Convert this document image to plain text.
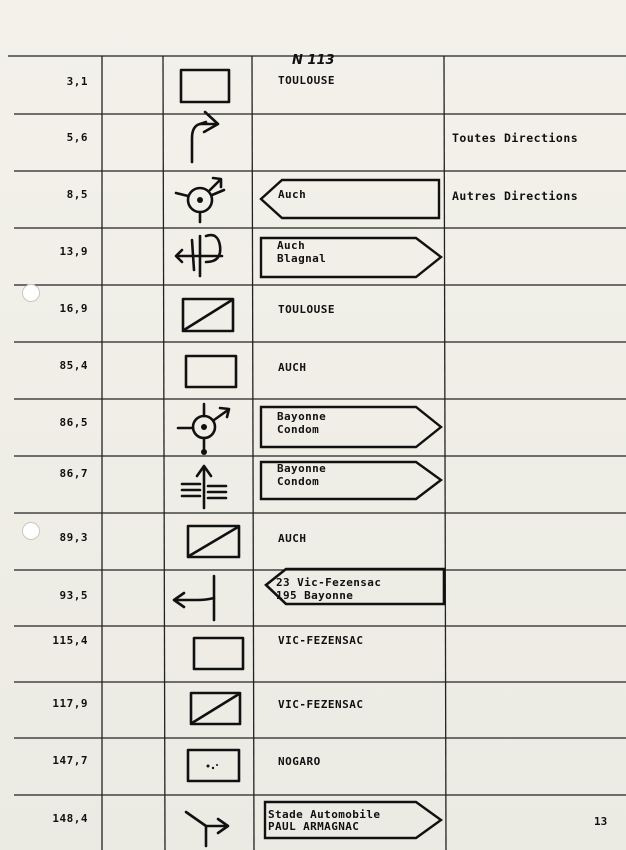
N 113
3,1
5,6
8,5
13,9
16,9
85,4
86,5
86,7
89,3
93,5
115,4
117,9
147,7
148,4
TOULOUSE
TOULOUSE
AUCH
AUCH
VIC-FEZENSAC
VIC-FEZENSAC
NOGARO
Toutes Directions
Autres Directions
Auch
Auch
Blagnal
Bayonne
Condom
Bayonne
Condom
23 Vic-Fezensac
195 Bayonne
Stade Automobile
PAUL ARMAGNAC	13
